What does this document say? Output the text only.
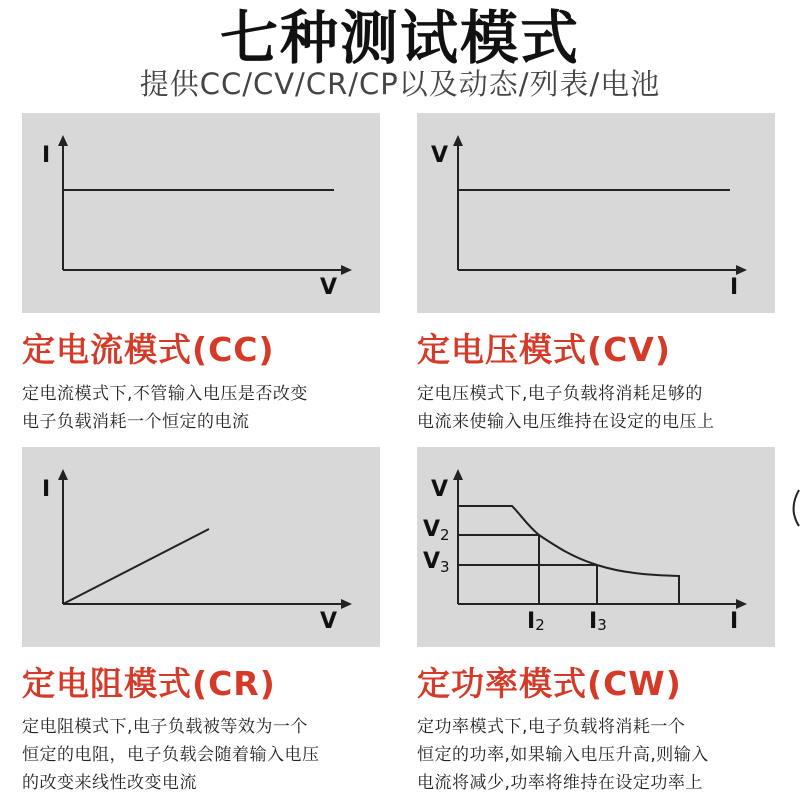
七种测试模式
提供CC/CV/CR/CP以及动态/列表/电池
I
V
V
I
定电流模式(CC)	定电压模式(CV)
定电流模式下,不管输入电压是否改变
电子负载消耗一个恒定的电流
定电压模式下,电子负载将消耗足够的
电流来使输入电压维持在设定的电压上
I
V
V
I
V2
V3
I2 I3
定电阻模式(CR)	定功率模式(CW)
定电阻模式下,电子负载被等效为一个
恒定的电阻，电子负载会随着输入电压
的改变来线性改变电流
定功率模式下,电子负载将消耗一个
恒定的功率,如果输入电压升高,则输入
电流将减少,功率将维持在设定功率上
